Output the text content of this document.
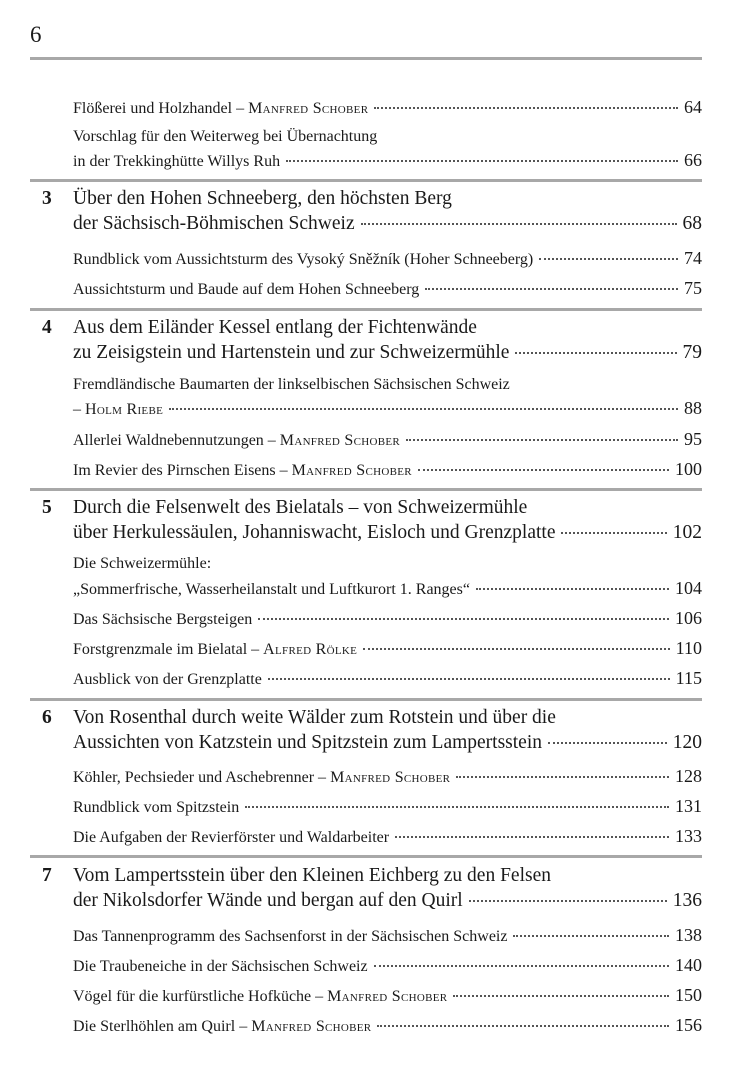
6
Flößerei und Holzhandel – Manfred Schober	64
Vorschlag für den Weiterweg bei Übernachtung
in der Trekkinghütte Willys Ruh	66
3 Über den Hohen Schneeberg, den höchsten Berg
der Sächsisch-Böhmischen Schweiz	68
Rundblick vom Aussichtsturm des Vysoký Sněžník (Hoher Schneeberg)	74
Aussichtsturm und Baude auf dem Hohen Schneeberg	75
4 Aus dem Eiländer Kessel entlang der Fichtenwände
zu Zeisigstein und Hartenstein und zur Schweizermühle	79
Fremdländische Baumarten der linkselbischen Sächsischen Schweiz
– Holm Riebe	88
Allerlei Waldnebennutzungen – Manfred Schober	95
Im Revier des Pirnschen Eisens – Manfred Schober	100
5 Durch die Felsenwelt des Bielatals – von Schweizermühle
über Herkulessäulen, Johanniswacht, Eisloch und Grenzplatte	102
Die Schweizermühle:
„Sommerfrische, Wasserheilanstalt und Luftkurort 1. Ranges“	104
Das Sächsische Bergsteigen	106
Forstgrenzmale im Bielatal – Alfred Rölke	110
Ausblick von der Grenzplatte	115
6 Von Rosenthal durch weite Wälder zum Rotstein und über die
Aussichten von Katzstein und Spitzstein zum Lampertsstein	120
Köhler, Pechsieder und Aschebrenner – Manfred Schober	128
Rundblick vom Spitzstein	131
Die Aufgaben der Revierförster und Waldarbeiter	133
7 Vom Lampertsstein über den Kleinen Eichberg zu den Felsen
der Nikolsdorfer Wände und bergan auf den Quirl	136
Das Tannenprogramm des Sachsenforst in der Sächsischen Schweiz	138
Die Traubeneiche in der Sächsischen Schweiz	140
Vögel für die kurfürstliche Hofküche – Manfred Schober	150
Die Sterlhöhlen am Quirl – Manfred Schober	156
